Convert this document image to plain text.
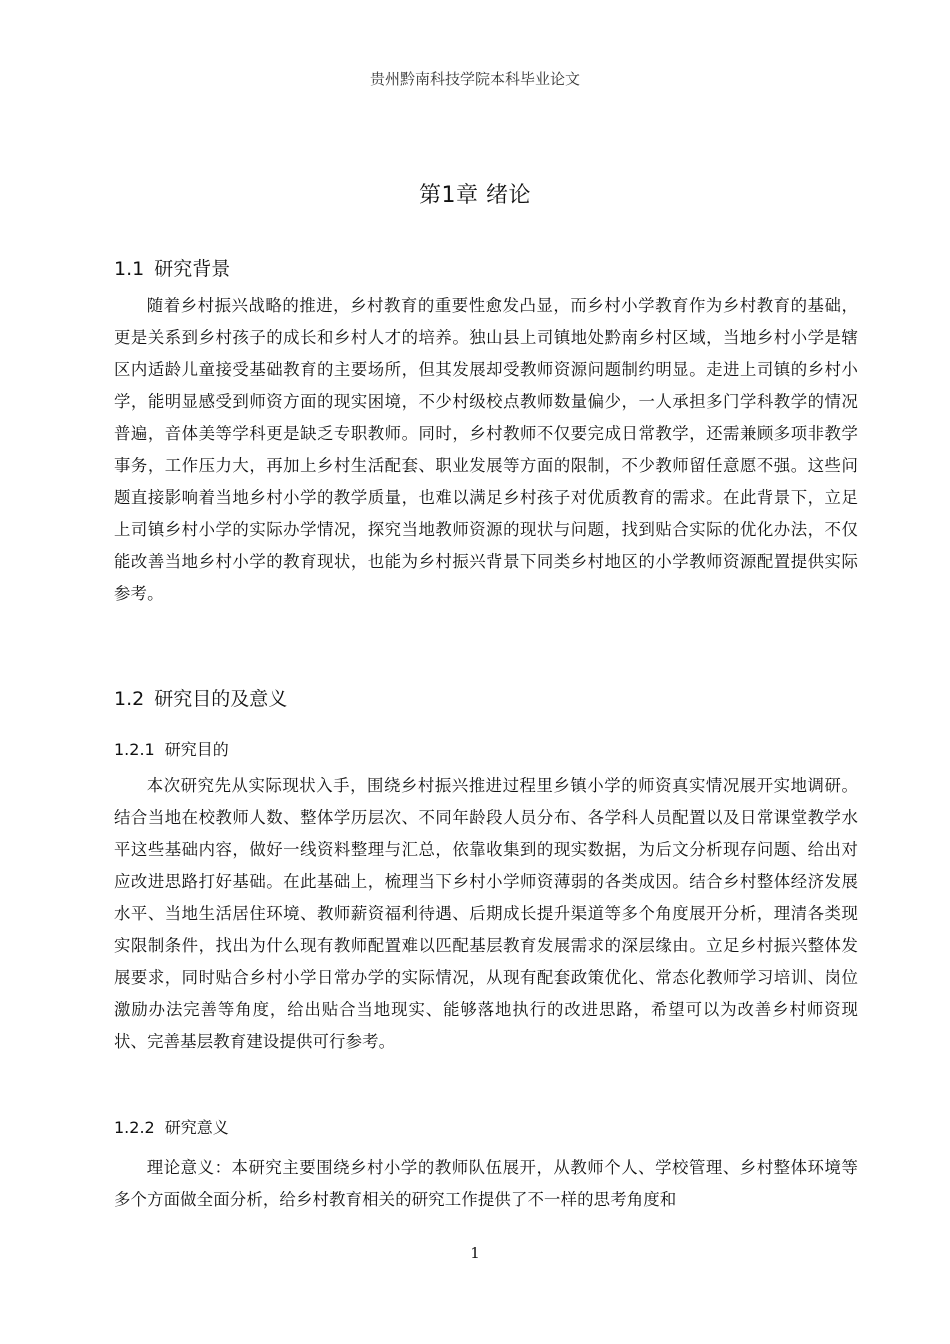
贵州黔南科技学院本科毕业论文
第1章 绪论
1.1 研究背景

随着乡村振兴战略的推进，乡村教育的重要性愈发凸显，而乡村小学教育作为乡村教育的基础，更是关系到乡村孩子的成长和乡村人才的培养。独山县上司镇地处黔南乡村区域，当地乡村小学是辖区内适龄儿童接受基础教育的主要场所，但其发展却受教师资源问题制约明显。走进上司镇的乡村小学，能明显感受到师资方面的现实困境，不少村级校点教师数量偏少，一人承担多门学科教学的情况普遍，音体美等学科更是缺乏专职教师。同时，乡村教师不仅要完成日常教学，还需兼顾多项非教学事务，工作压力大，再加上乡村生活配套、职业发展等方面的限制，不少教师留任意愿不强。这些问题直接影响着当地乡村小学的教学质量，也难以满足乡村孩子对优质教育的需求。在此背景下，立足上司镇乡村小学的实际办学情况，探究当地教师资源的现状与问题，找到贴合实际的优化办法，不仅能改善当地乡村小学的教育现状，也能为乡村振兴背景下同类乡村地区的小学教师资源配置提供实际参考。

1.2 研究目的及意义
1.2.1 研究目的

本次研究先从实际现状入手，围绕乡村振兴推进过程里乡镇小学的师资真实情况展开实地调研。结合当地在校教师人数、整体学历层次、不同年龄段人员分布、各学科人员配置以及日常课堂教学水平这些基础内容，做好一线资料整理与汇总，依靠收集到的现实数据，为后文分析现存问题、给出对应改进思路打好基础。在此基础上，梳理当下乡村小学师资薄弱的各类成因。结合乡村整体经济发展水平、当地生活居住环境、教师薪资福利待遇、后期成长提升渠道等多个角度展开分析，理清各类现实限制条件，找出为什么现有教师配置难以匹配基层教育发展需求的深层缘由。立足乡村振兴整体发展要求，同时贴合乡村小学日常办学的实际情况，从现有配套政策优化、常态化教师学习培训、岗位激励办法完善等角度，给出贴合当地现实、能够落地执行的改进思路，希望可以为改善乡村师资现状、完善基层教育建设提供可行参考。

1.2.2 研究意义

理论意义：本研究主要围绕乡村小学的教师队伍展开，从教师个人、学校管理、乡村整体环境等多个方面做全面分析，给乡村教育相关的研究工作提供了不一样的思考角度和

1
